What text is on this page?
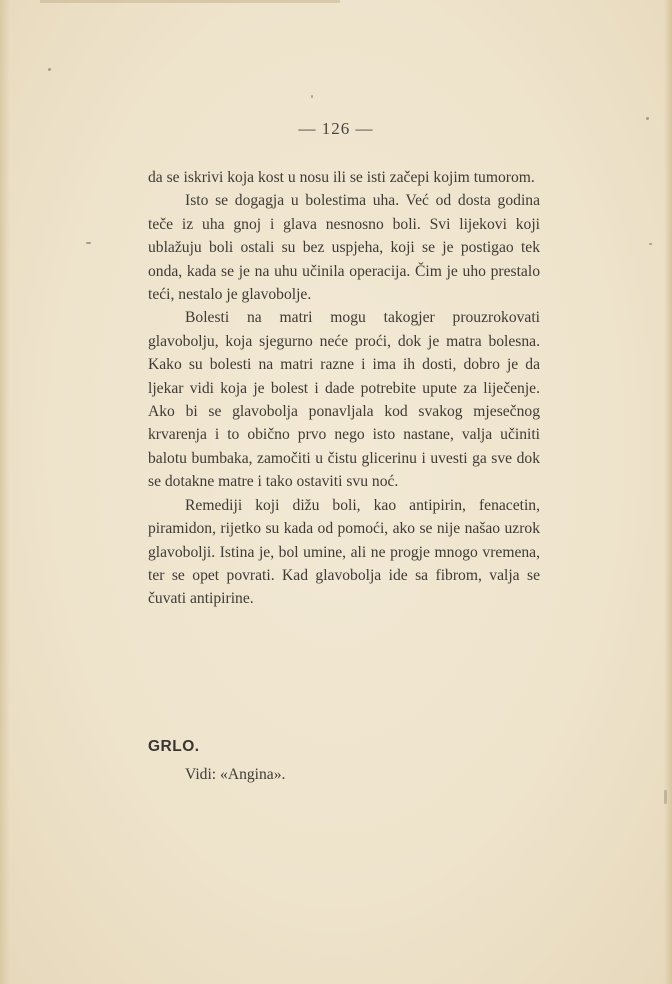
— 126 —

da se iskrivi koja kost u nosu ili se isti začepi kojim tumorom.

Isto se dogagja u bolestima uha. Već od dosta godina teče iz uha gnoj i glava nesnosno boli. Svi lijekovi koji ublažuju boli ostali su bez uspjeha, koji se je postigao tek onda, kada se je na uhu učinila operacija. Čim je uho prestalo teći, nestalo je glavobolje.

Bolesti na matri mogu takogjer prouzrokovati glavobolju, koja sjegurno neće proći, dok je matra bolesna. Kako su bolesti na matri razne i ima ih dosti, dobro je da ljekar vidi koja je bolest i dade potrebite upute za liječenje. Ako bi se glavobolja ponavljala kod svakog mjesečnog krvarenja i to obično prvo nego isto nastane, valja učiniti balotu bumbaka, zamočiti u čistu glicerinu i uvesti ga sve dok se dotakne matre i tako ostaviti svu noć.

Remediji koji dižu boli, kao antipirin, fenacetin, piramidon, rijetko su kada od pomoći, ako se nije našao uzrok glavobolji. Istina je, bol umine, ali ne progje mnogo vremena, ter se opet povrati. Kad glavobolja ide sa fibrom, valja se čuvati antipirine.

GRLO.
Vidi: «Angina».
